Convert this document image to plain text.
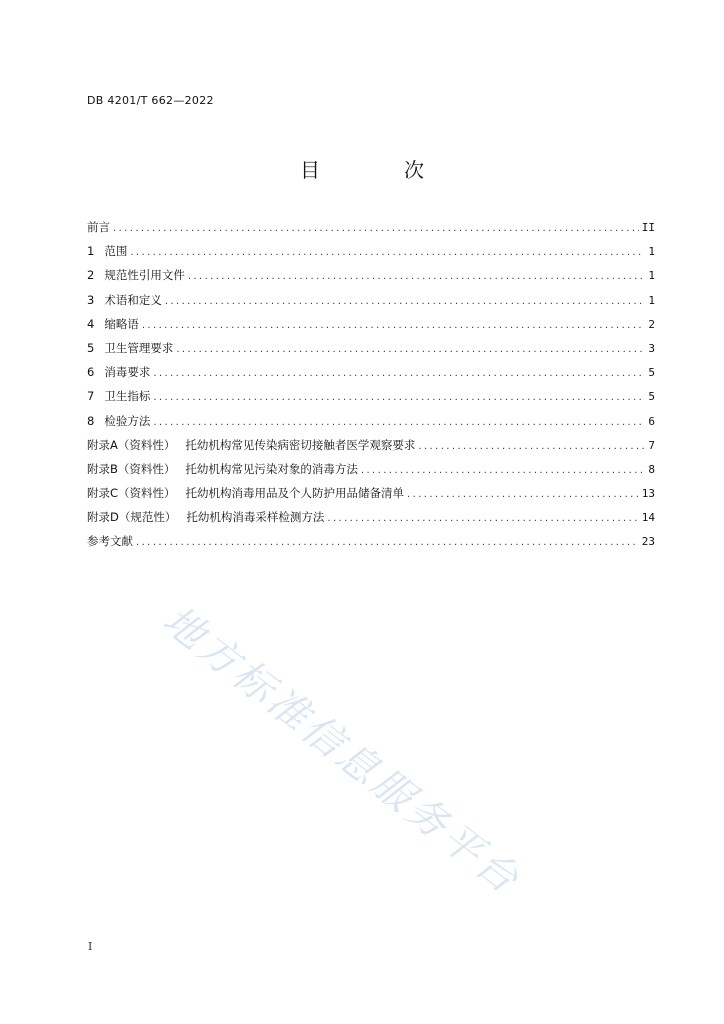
DB 4201/T 662—2022
目　次
前言 .....	II
1 范围 .....	1
2 规范性引用文件 .....	1
3 术语和定义 .....	1
4 缩略语 .....	2
5 卫生管理要求 .....	3
6 消毒要求 .....	5
7 卫生指标 .....	5
8 检验方法 .....	6
附录A（资料性） 托幼机构常见传染病密切接触者医学观察要求 .....	7
附录B（资料性） 托幼机构常见污染对象的消毒方法 .....	8
附录C（资料性） 托幼机构消毒用品及个人防护用品储备清单 .....	13
附录D（规范性） 托幼机构消毒采样检测方法 .....	14
参考文献 .....	23
地方标准信息服务平台
I
